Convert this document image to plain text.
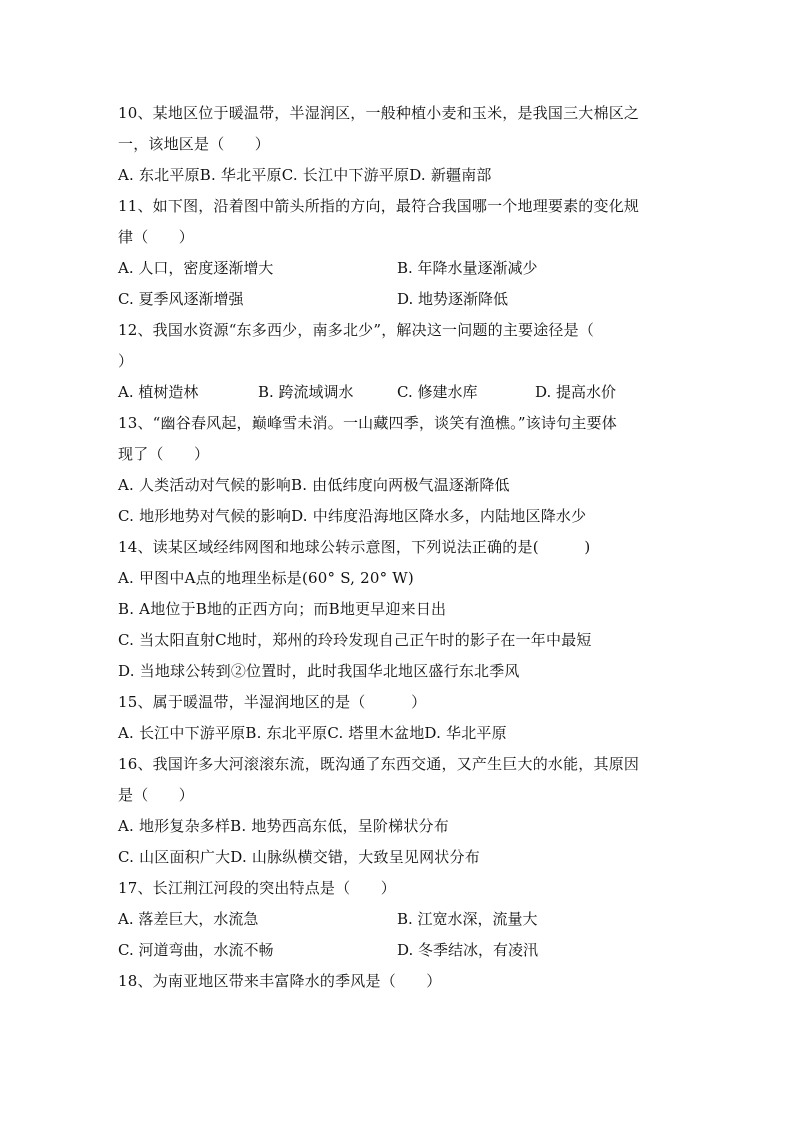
10、某地区位于暖温带，半湿润区，一般种植小麦和玉米，是我国三大棉区之
一，该地区是（　　）
A. 东北平原B. 华北平原C. 长江中下游平原D. 新疆南部
11、如下图，沿着图中箭头所指的方向，最符合我国哪一个地理要素的变化规
律（　　）
A. 人口，密度逐渐增大	B. 年降水量逐渐减少
C. 夏季风逐渐增强	D. 地势逐渐降低
12、我国水资源“东多西少，南多北少”，解决这一问题的主要途径是（
）
A. 植树造林	B. 跨流域调水	C. 修建水库	D. 提高水价
13、“幽谷春风起，巅峰雪未消。一山藏四季，谈笑有渔樵。”该诗句主要体
现了（　　）
A. 人类活动对气候的影响B. 由低纬度向两极气温逐渐降低
C. 地形地势对气候的影响D. 中纬度沿海地区降水多，内陆地区降水少
14、读某区域经纬网图和地球公转示意图，下列说法正确的是(　　　)
A. 甲图中A点的地理坐标是(60° S, 20° W)
B. A地位于B地的正西方向；而B地更早迎来日出
C. 当太阳直射C地时，郑州的玲玲发现自己正午时的影子在一年中最短
D. 当地球公转到②位置时，此时我国华北地区盛行东北季风
15、属于暖温带，半湿润地区的是（　　　）
A. 长江中下游平原B. 东北平原C. 塔里木盆地D. 华北平原
16、我国许多大河滚滚东流，既沟通了东西交通，又产生巨大的水能，其原因
是（　　）
A. 地形复杂多样B. 地势西高东低，呈阶梯状分布
C. 山区面积广大D. 山脉纵横交错，大致呈见网状分布
17、长江荆江河段的突出特点是（　　）
A. 落差巨大，水流急	B. 江宽水深，流量大
C. 河道弯曲，水流不畅	D. 冬季结冰，有凌汛
18、为南亚地区带来丰富降水的季风是（　　）
